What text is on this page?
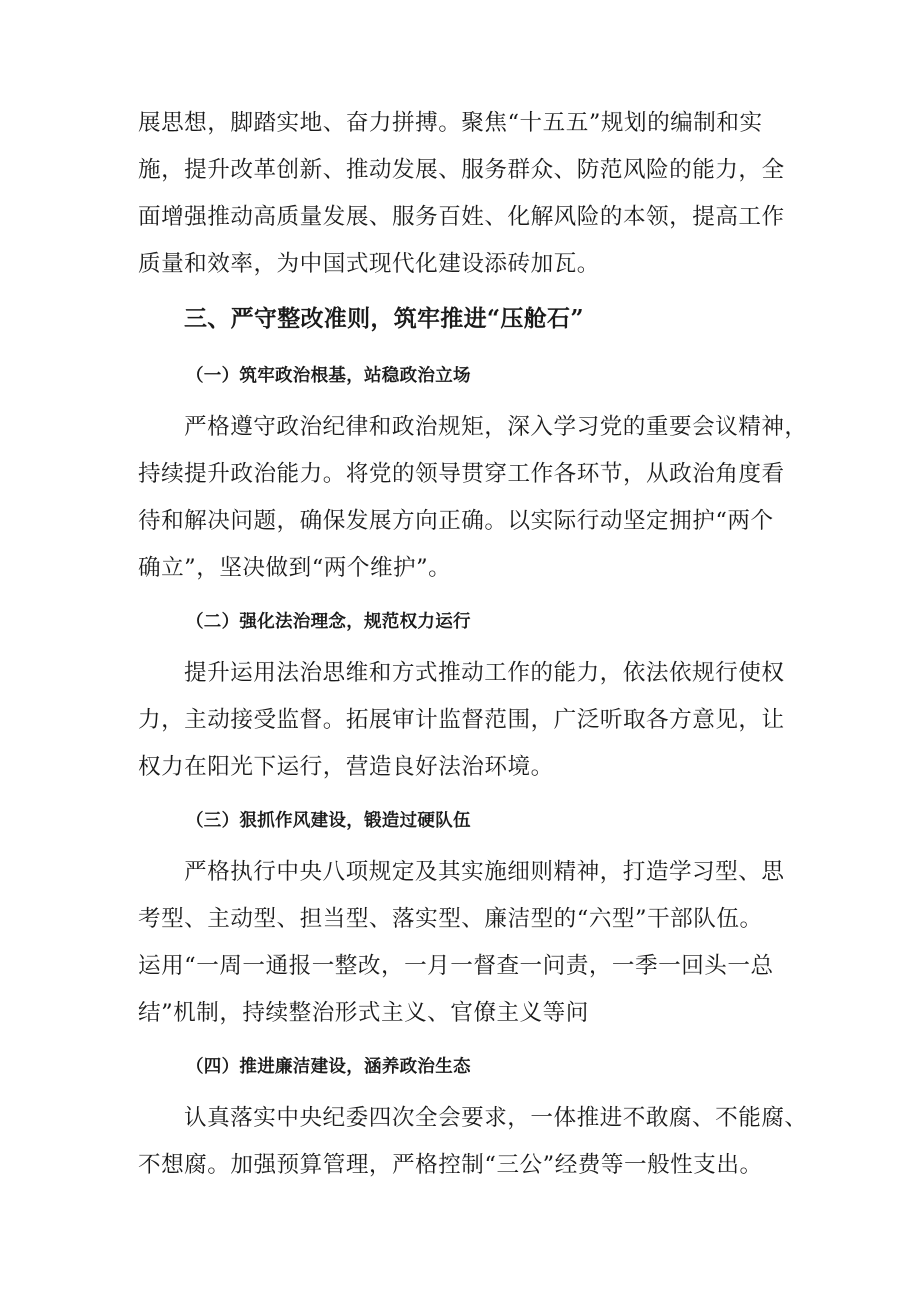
展思想，脚踏实地、奋力拼搏。聚焦“十五五”规划的编制和实

施，提升改革创新、推动发展、服务群众、防范风险的能力，全

面增强推动高质量发展、服务百姓、化解风险的本领，提高工作

质量和效率，为中国式现代化建设添砖加瓦。

三、严守整改准则，筑牢推进“压舱石”
（一）筑牢政治根基，站稳政治立场

严格遵守政治纪律和政治规矩，深入学习党的重要会议精神，

持续提升政治能力。将党的领导贯穿工作各环节，从政治角度看

待和解决问题，确保发展方向正确。以实际行动坚定拥护“两个

确立”，坚决做到“两个维护”。

（二）强化法治理念，规范权力运行

提升运用法治思维和方式推动工作的能力，依法依规行使权

力，主动接受监督。拓展审计监督范围，广泛听取各方意见，让

权力在阳光下运行，营造良好法治环境。

（三）狠抓作风建设，锻造过硬队伍

严格执行中央八项规定及其实施细则精神，打造学习型、思

考型、主动型、担当型、落实型、廉洁型的“六型”干部队伍。

运用“一周一通报一整改，一月一督查一问责，一季一回头一总

结”机制，持续整治形式主义、官僚主义等问

（四）推进廉洁建设，涵养政治生态

认真落实中央纪委四次全会要求，一体推进不敢腐、不能腐、

不想腐。加强预算管理，严格控制“三公”经费等一般性支出。
